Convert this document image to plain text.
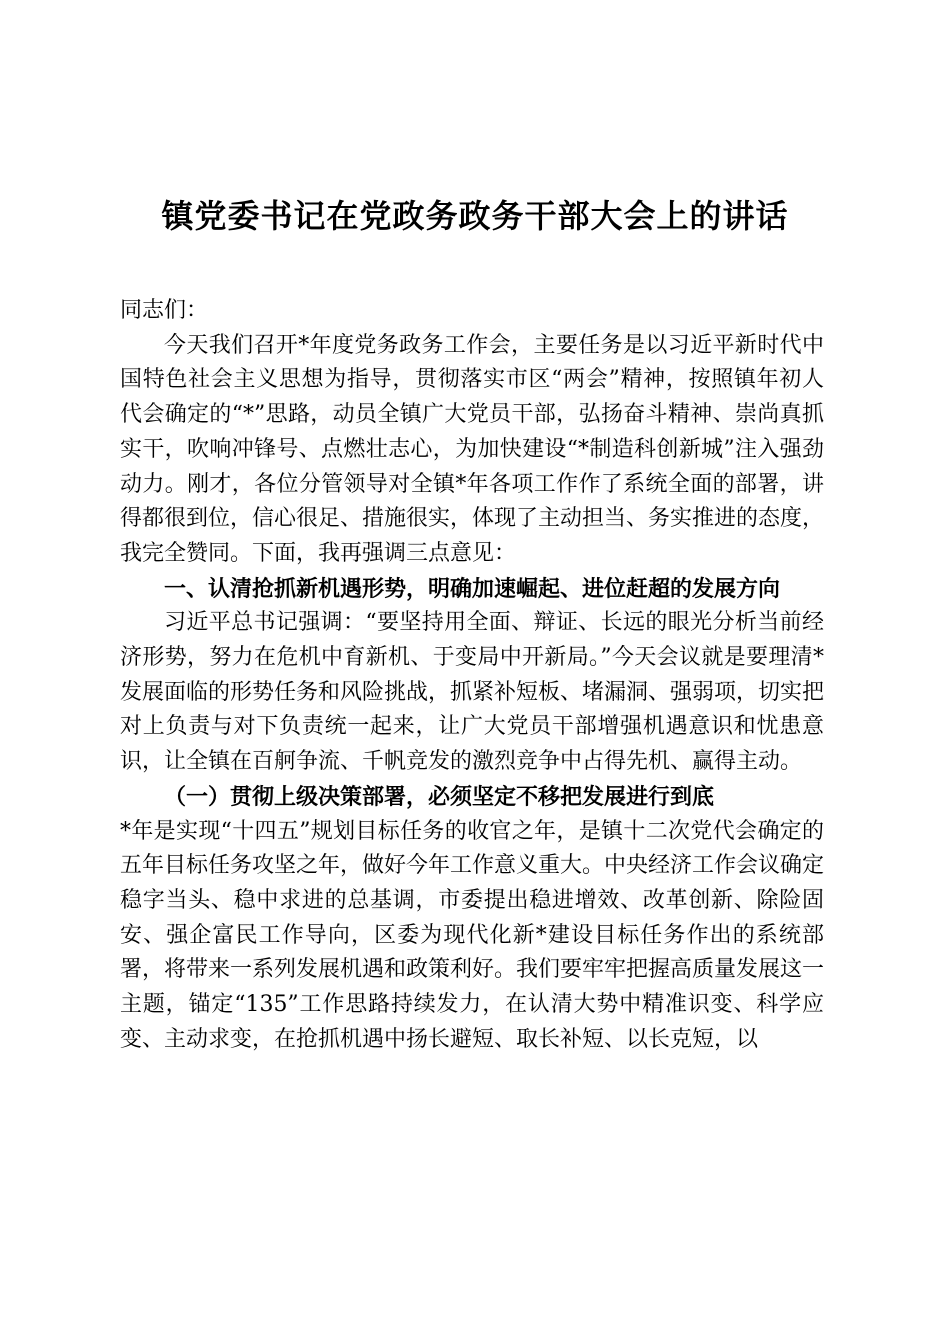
镇党委书记在党政务政务干部大会上的讲话

同志们：

今天我们召开*年度党务政务工作会，主要任务是以习近平新时代中国特色社会主义思想为指导，贯彻落实市区“两会”精神，按照镇年初人代会确定的“*”思路，动员全镇广大党员干部，弘扬奋斗精神、崇尚真抓实干，吹响冲锋号、点燃壮志心，为加快建设“*制造科创新城”注入强劲动力。刚才，各位分管领导对全镇*年各项工作作了系统全面的部署，讲得都很到位，信心很足、措施很实，体现了主动担当、务实推进的态度，我完全赞同。下面，我再强调三点意见：

一、认清抢抓新机遇形势，明确加速崛起、进位赶超的发展方向

习近平总书记强调：“要坚持用全面、辩证、长远的眼光分析当前经济形势，努力在危机中育新机、于变局中开新局。”今天会议就是要理清*发展面临的形势任务和风险挑战，抓紧补短板、堵漏洞、强弱项，切实把对上负责与对下负责统一起来，让广大党员干部增强机遇意识和忧患意识，让全镇在百舸争流、千帆竞发的激烈竞争中占得先机、赢得主动。

（一）贯彻上级决策部署，必须坚定不移把发展进行到底

*年是实现“十四五”规划目标任务的收官之年，是镇十二次党代会确定的五年目标任务攻坚之年，做好今年工作意义重大。中央经济工作会议确定稳字当头、稳中求进的总基调，市委提出稳进增效、改革创新、除险固安、强企富民工作导向，区委为现代化新*建设目标任务作出的系统部署，将带来一系列发展机遇和政策利好。我们要牢牢把握高质量发展这一主题，锚定“135”工作思路持续发力，在认清大势中精准识变、科学应变、主动求变，在抢抓机遇中扬长避短、取长补短、以长克短，以
